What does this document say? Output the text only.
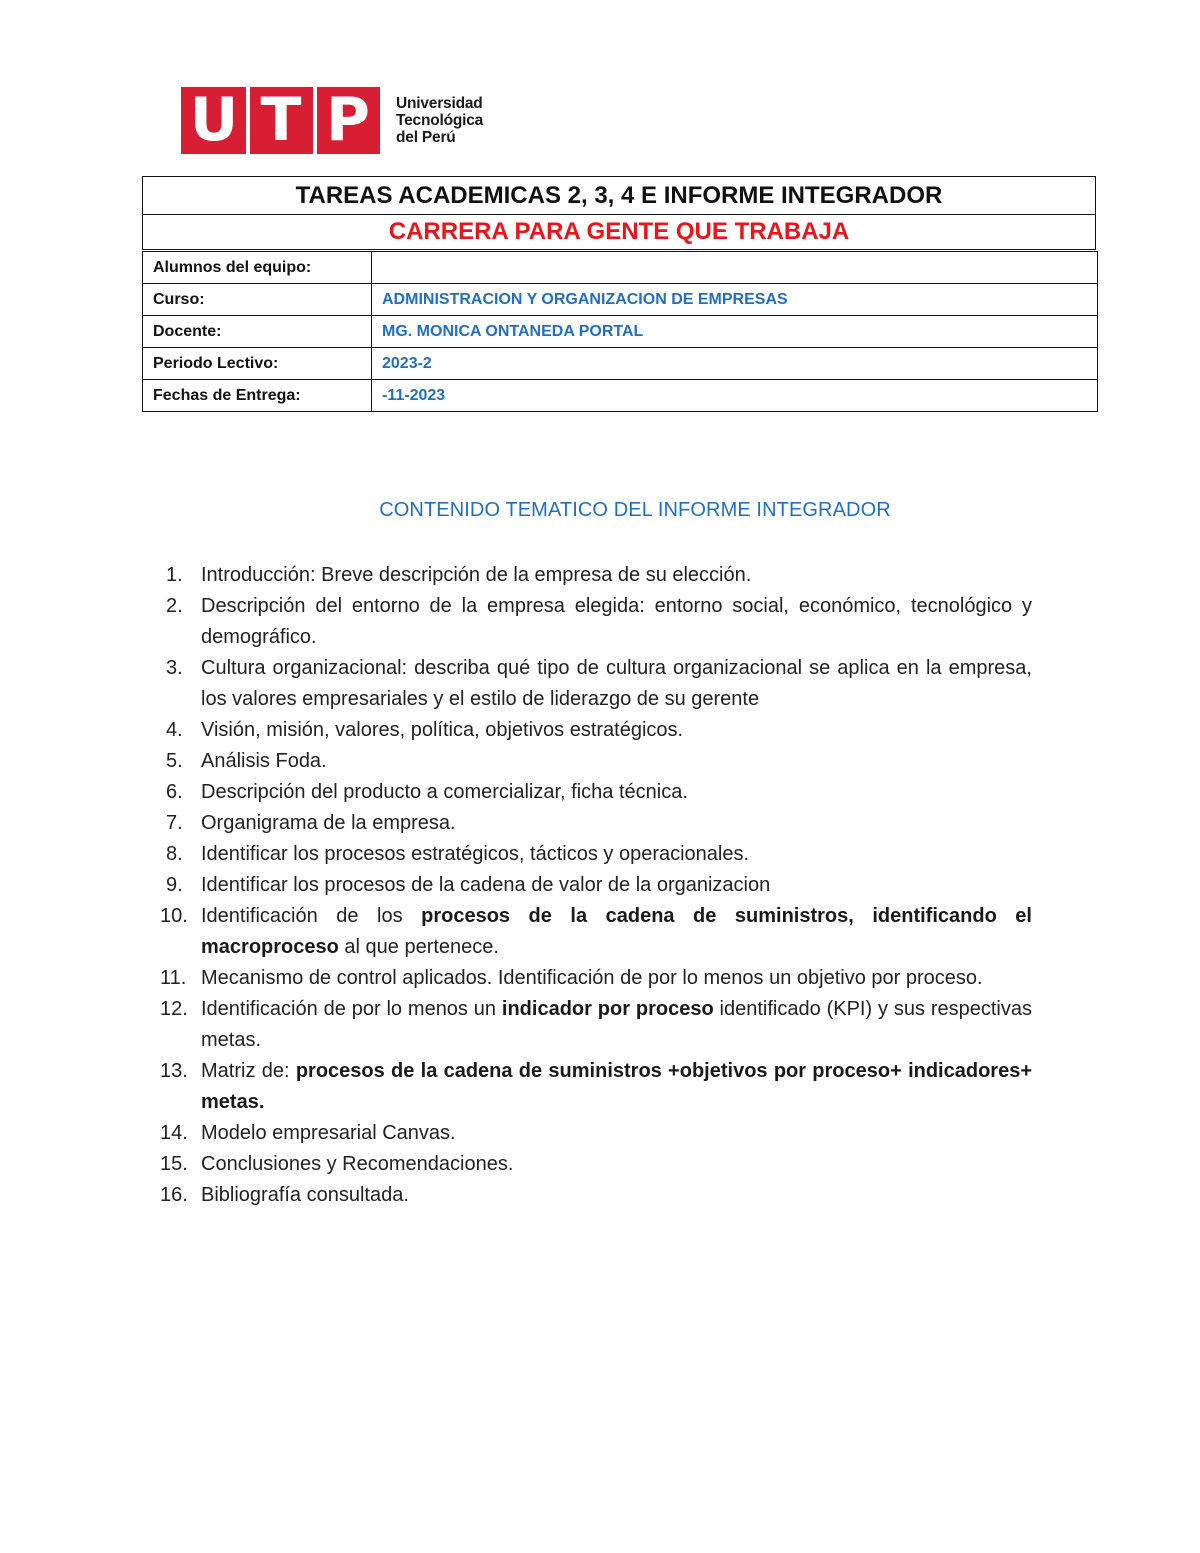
U T P	Universidad
Tecnológica
del Perú
TAREAS ACADEMICAS 2, 3, 4 E INFORME INTEGRADOR
CARRERA PARA GENTE QUE TRABAJA
Alumnos del equipo:	
Curso:	ADMINISTRACION Y ORGANIZACION DE EMPRESAS
Docente:	MG. MONICA ONTANEDA PORTAL
Periodo Lectivo:	2023-2
Fechas de Entrega:	-11-2023
CONTENIDO TEMATICO DEL INFORME INTEGRADOR
1. Introducción: Breve descripción de la empresa de su elección.
2. Descripción del entorno de la empresa elegida: entorno social, económico, tecnológico y demográfico.
3. Cultura organizacional: describa qué tipo de cultura organizacional se aplica en la empresa, los valores empresariales y el estilo de liderazgo de su gerente
4. Visión, misión, valores, política, objetivos estratégicos.
5. Análisis Foda.
6. Descripción del producto a comercializar, ficha técnica.
7. Organigrama de la empresa.
8. Identificar los procesos estratégicos, tácticos y operacionales.
9. Identificar los procesos de la cadena de valor de la organizacion
10. Identificación de los procesos de la cadena de suministros, identificando el macroproceso al que pertenece.
11. Mecanismo de control aplicados. Identificación de por lo menos un objetivo por proceso.
12. Identificación de por lo menos un indicador por proceso identificado (KPI) y sus respectivas metas.
13. Matriz de: procesos de la cadena de suministros +objetivos por proceso+ indicadores+ metas.
14. Modelo empresarial Canvas.
15. Conclusiones y Recomendaciones.
16. Bibliografía consultada.
